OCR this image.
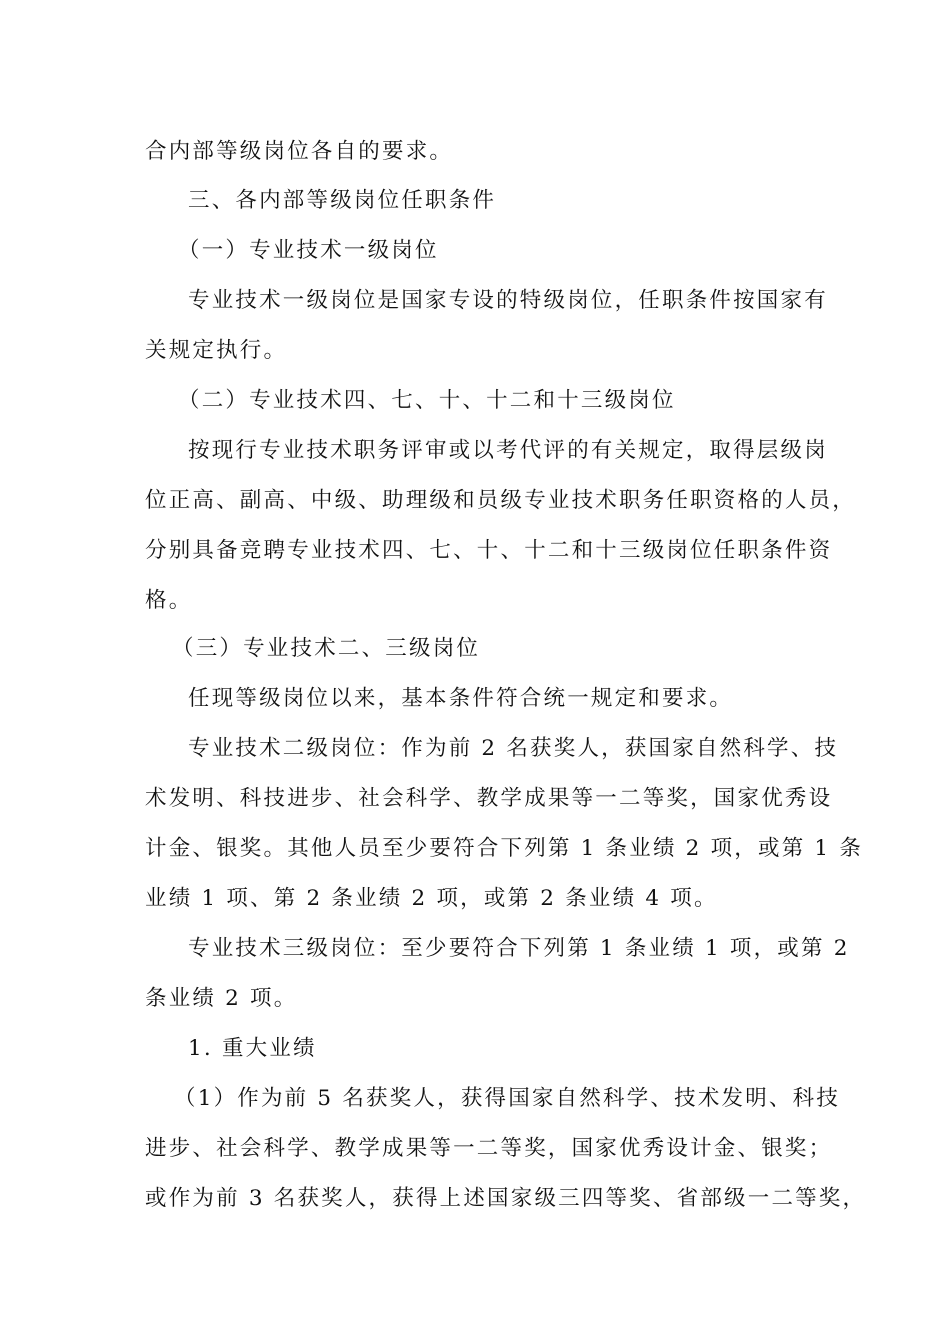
合内部等级岗位各自的要求。

三、各内部等级岗位任职条件

（一）专业技术一级岗位

专业技术一级岗位是国家专设的特级岗位，任职条件按国家有

关规定执行。

（二）专业技术四、七、十、十二和十三级岗位

按现行专业技术职务评审或以考代评的有关规定，取得层级岗

位正高、副高、中级、助理级和员级专业技术职务任职资格的人员，

分别具备竞聘专业技术四、七、十、十二和十三级岗位任职条件资

格。

（三）专业技术二、三级岗位

任现等级岗位以来，基本条件符合统一规定和要求。

专业技术二级岗位：作为前 2 名获奖人，获国家自然科学、技

术发明、科技进步、社会科学、教学成果等一二等奖，国家优秀设

计金、银奖。其他人员至少要符合下列第 1 条业绩 2 项，或第 1 条

业绩 1 项、第 2 条业绩 2 项，或第 2 条业绩 4 项。

专业技术三级岗位：至少要符合下列第 1 条业绩 1 项，或第 2

条业绩 2 项。

1. 重大业绩

（1）作为前 5 名获奖人，获得国家自然科学、技术发明、科技

进步、社会科学、教学成果等一二等奖，国家优秀设计金、银奖；

或作为前 3 名获奖人，获得上述国家级三四等奖、省部级一二等奖，
